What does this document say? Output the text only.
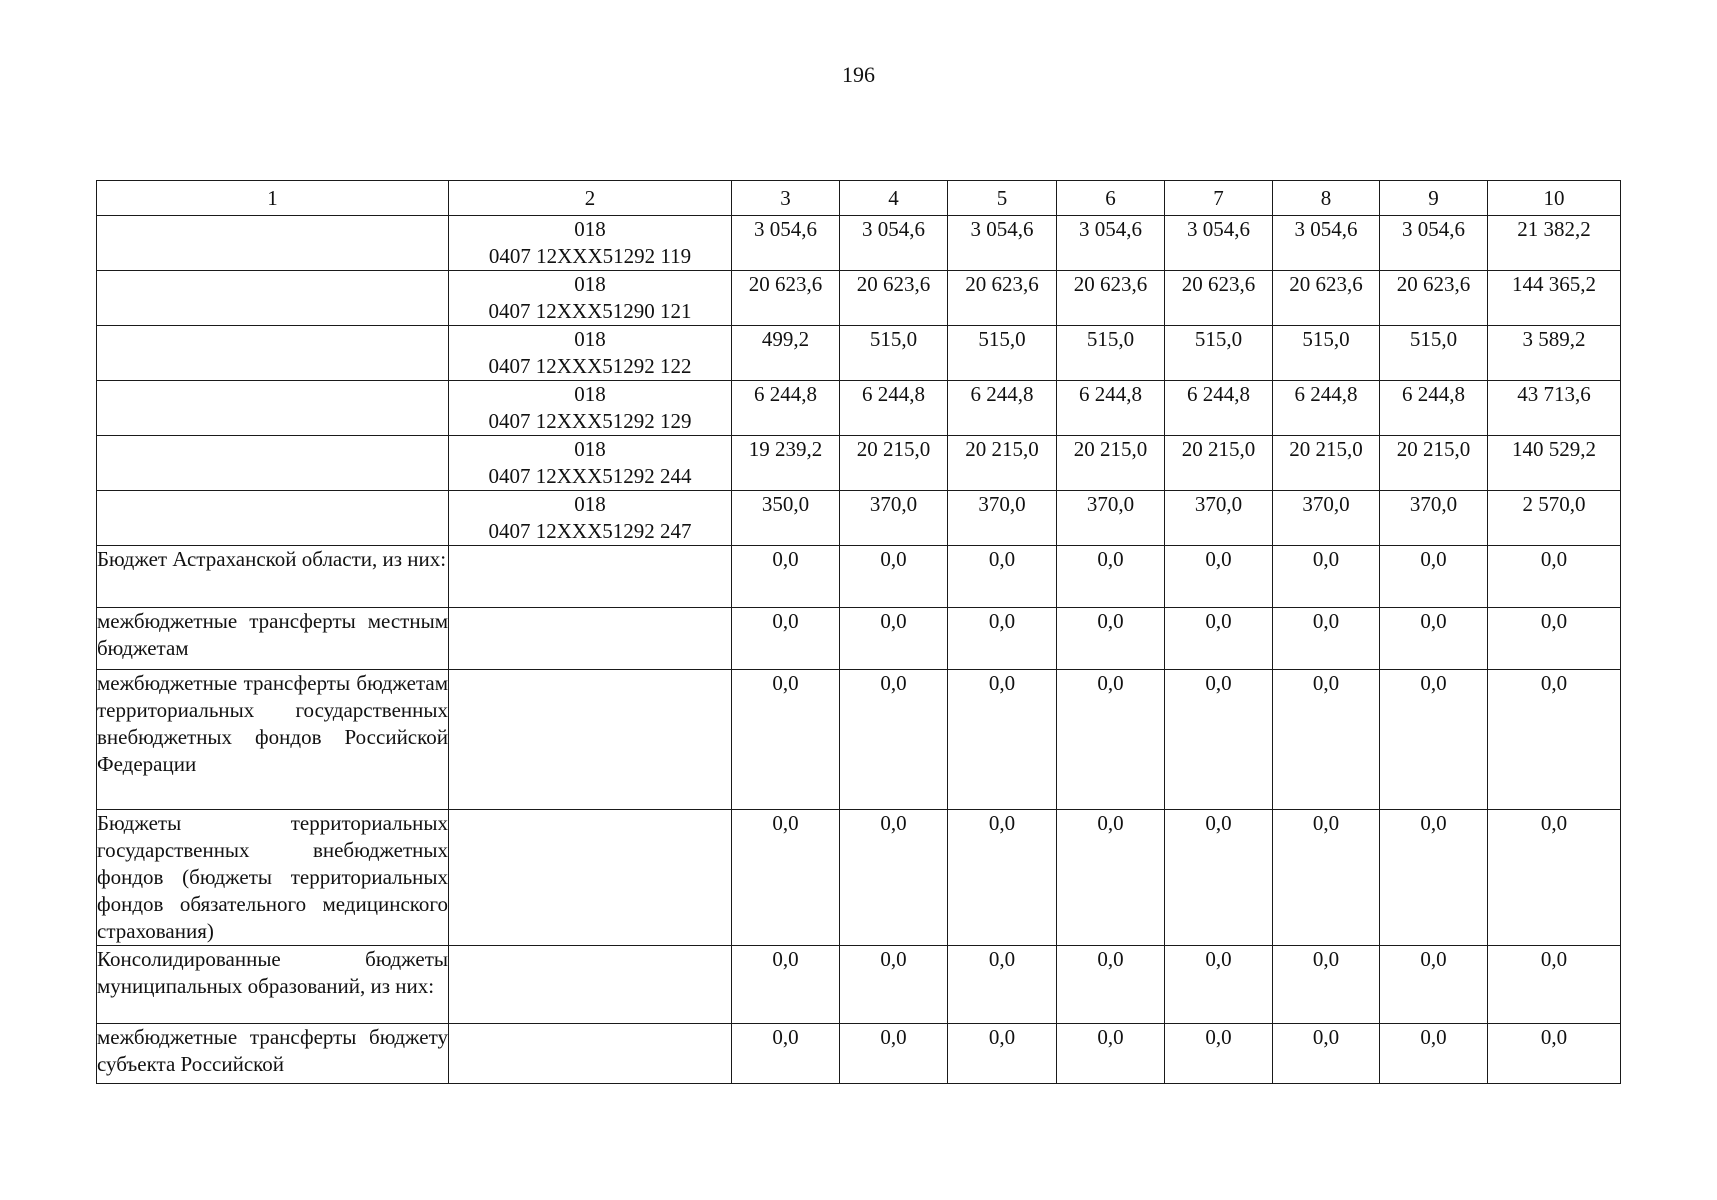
196
1	2	3	4	5	6	7	8	9	10

	018
0407 12ХХХ51292 119	3 054,6	3 054,6	3 054,6	3 054,6	3 054,6	3 054,6	3 054,6	21 382,2

	018
0407 12ХХХ51290 121	20 623,6	20 623,6	20 623,6	20 623,6	20 623,6	20 623,6	20 623,6	144 365,2

	018
0407 12ХХХ51292 122	499,2	515,0	515,0	515,0	515,0	515,0	515,0	3 589,2

	018
0407 12ХХХ51292 129	6 244,8	6 244,8	6 244,8	6 244,8	6 244,8	6 244,8	6 244,8	43 713,6

	018
0407 12ХХХ51292 244	19 239,2	20 215,0	20 215,0	20 215,0	20 215,0	20 215,0	20 215,0	140 529,2

	018
0407 12ХХХ51292 247	350,0	370,0	370,0	370,0	370,0	370,0	370,0	2 570,0
Бюджет Астраханской области, из них:		0,0	0,0	0,0	0,0	0,0	0,0	0,0	0,0
межбюджетные трансферты местным бюджетам		0,0	0,0	0,0	0,0	0,0	0,0	0,0	0,0
межбюджетные трансферты бюджетам территориальных государственных внебюджетных фондов Российской Федерации		0,0	0,0	0,0	0,0	0,0	0,0	0,0	0,0
Бюджеты территориальных государственных внебюджетных фондов (бюджеты территориальных фондов обязательного медицинского страхования)		0,0	0,0	0,0	0,0	0,0	0,0	0,0	0,0
Консолидированные бюджеты муниципальных образований, из них:		0,0	0,0	0,0	0,0	0,0	0,0	0,0	0,0
межбюджетные трансферты бюджету субъекта Российской		0,0	0,0	0,0	0,0	0,0	0,0	0,0	0,0
